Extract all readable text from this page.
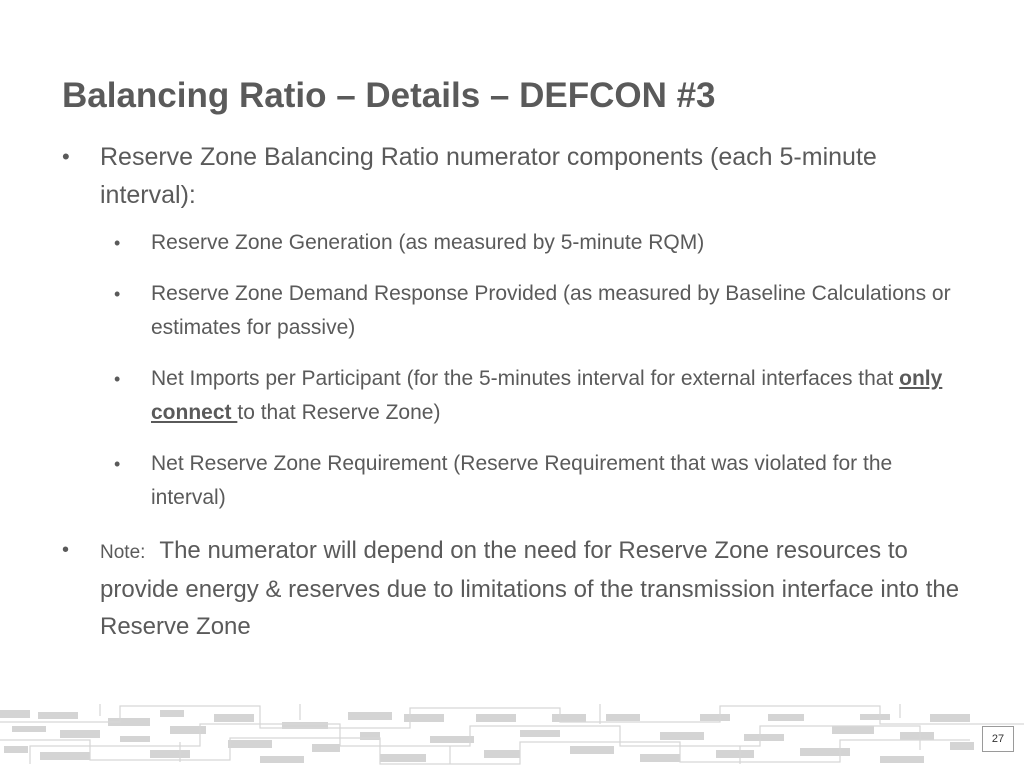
Balancing Ratio – Details – DEFCON #3
• Reserve Zone Balancing Ratio numerator components (each 5-minute interval):
• Reserve Zone Generation (as measured by 5-minute RQM)
• Reserve Zone Demand Response Provided (as measured by Baseline Calculations or estimates for passive)
• Net Imports per Participant (for the 5-minutes interval for external interfaces that only connect to that Reserve Zone)
• Net Reserve Zone Requirement (Reserve Requirement that was violated for the interval)
• Note: The numerator will depend on the need for Reserve Zone resources to provide energy & reserves due to limitations of the transmission interface into the Reserve Zone
27
